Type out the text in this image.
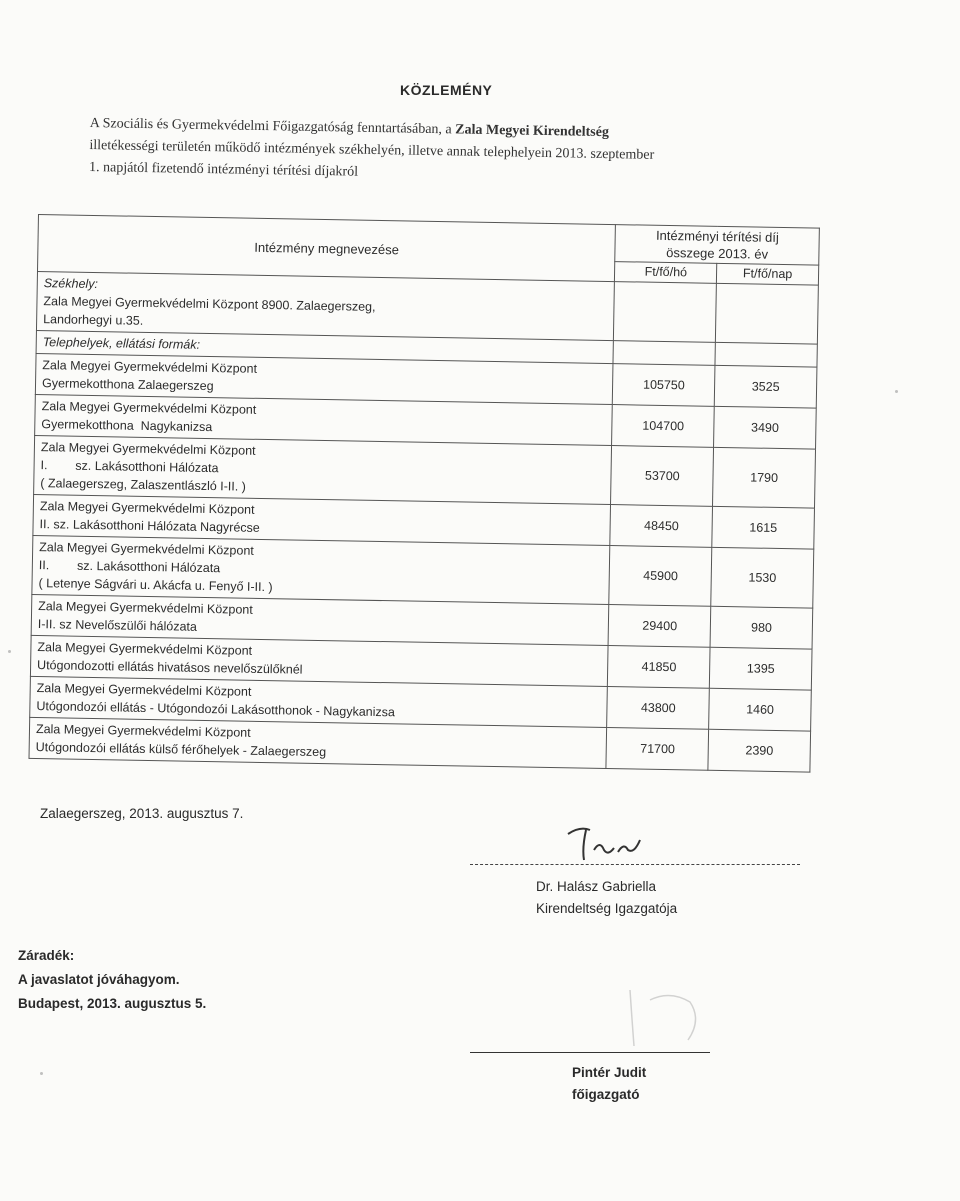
KÖZLEMÉNY
A Szociális és Gyermekvédelmi Főigazgatóság fenntartásában, a Zala Megyei Kirendeltség
illetékességi területén működő intézmények székhelyén, illetve annak telephelyein 2013. szeptember
1. napjától fizetendő intézményi térítési díjakról
Intézmény megnevezése	Intézményi térítési díj
összege 2013. év	

	Ft/fő/hó	Ft/fő/nap

Székhely:
Zala Megyei Gyermekvédelmi Központ 8900. Zalaegerszeg,
Landorhegyi u.35.		

Telephelyek, ellátási formák:		

Zala Megyei Gyermekvédelmi Központ
Gyermekotthona Zalaegerszeg	105750	3525

Zala Megyei Gyermekvédelmi Központ
Gyermekotthona  Nagykanizsa	104700	3490

Zala Megyei Gyermekvédelmi Központ
I.        sz. Lakásotthoni Hálózata
( Zalaegerszeg, Zalaszentlászló I-II. )	53700	1790

Zala Megyei Gyermekvédelmi Központ
II. sz. Lakásotthoni Hálózata Nagyrécse	48450	1615

Zala Megyei Gyermekvédelmi Központ
II.        sz. Lakásotthoni Hálózata
( Letenye Ságvári u. Akácfa u. Fenyő I-II. )	45900	1530

Zala Megyei Gyermekvédelmi Központ
I-II. sz Nevelőszülői hálózata	29400	980

Zala Megyei Gyermekvédelmi Központ
Utógondozotti ellátás hivatásos nevelőszülőknél	41850	1395

Zala Megyei Gyermekvédelmi Központ
Utógondozói ellátás - Utógondozói Lakásotthonok - Nagykanizsa	43800	1460

Zala Megyei Gyermekvédelmi Központ
Utógondozói ellátás külső férőhelyek - Zalaegerszeg	71700	2390
Zalaegerszeg, 2013. augusztus 7.
Dr. Halász Gabriella
Kirendeltség Igazgatója
Záradék:
A javaslatot jóváhagyom.
Budapest, 2013. augusztus 5.
Pintér Judit
főigazgató
